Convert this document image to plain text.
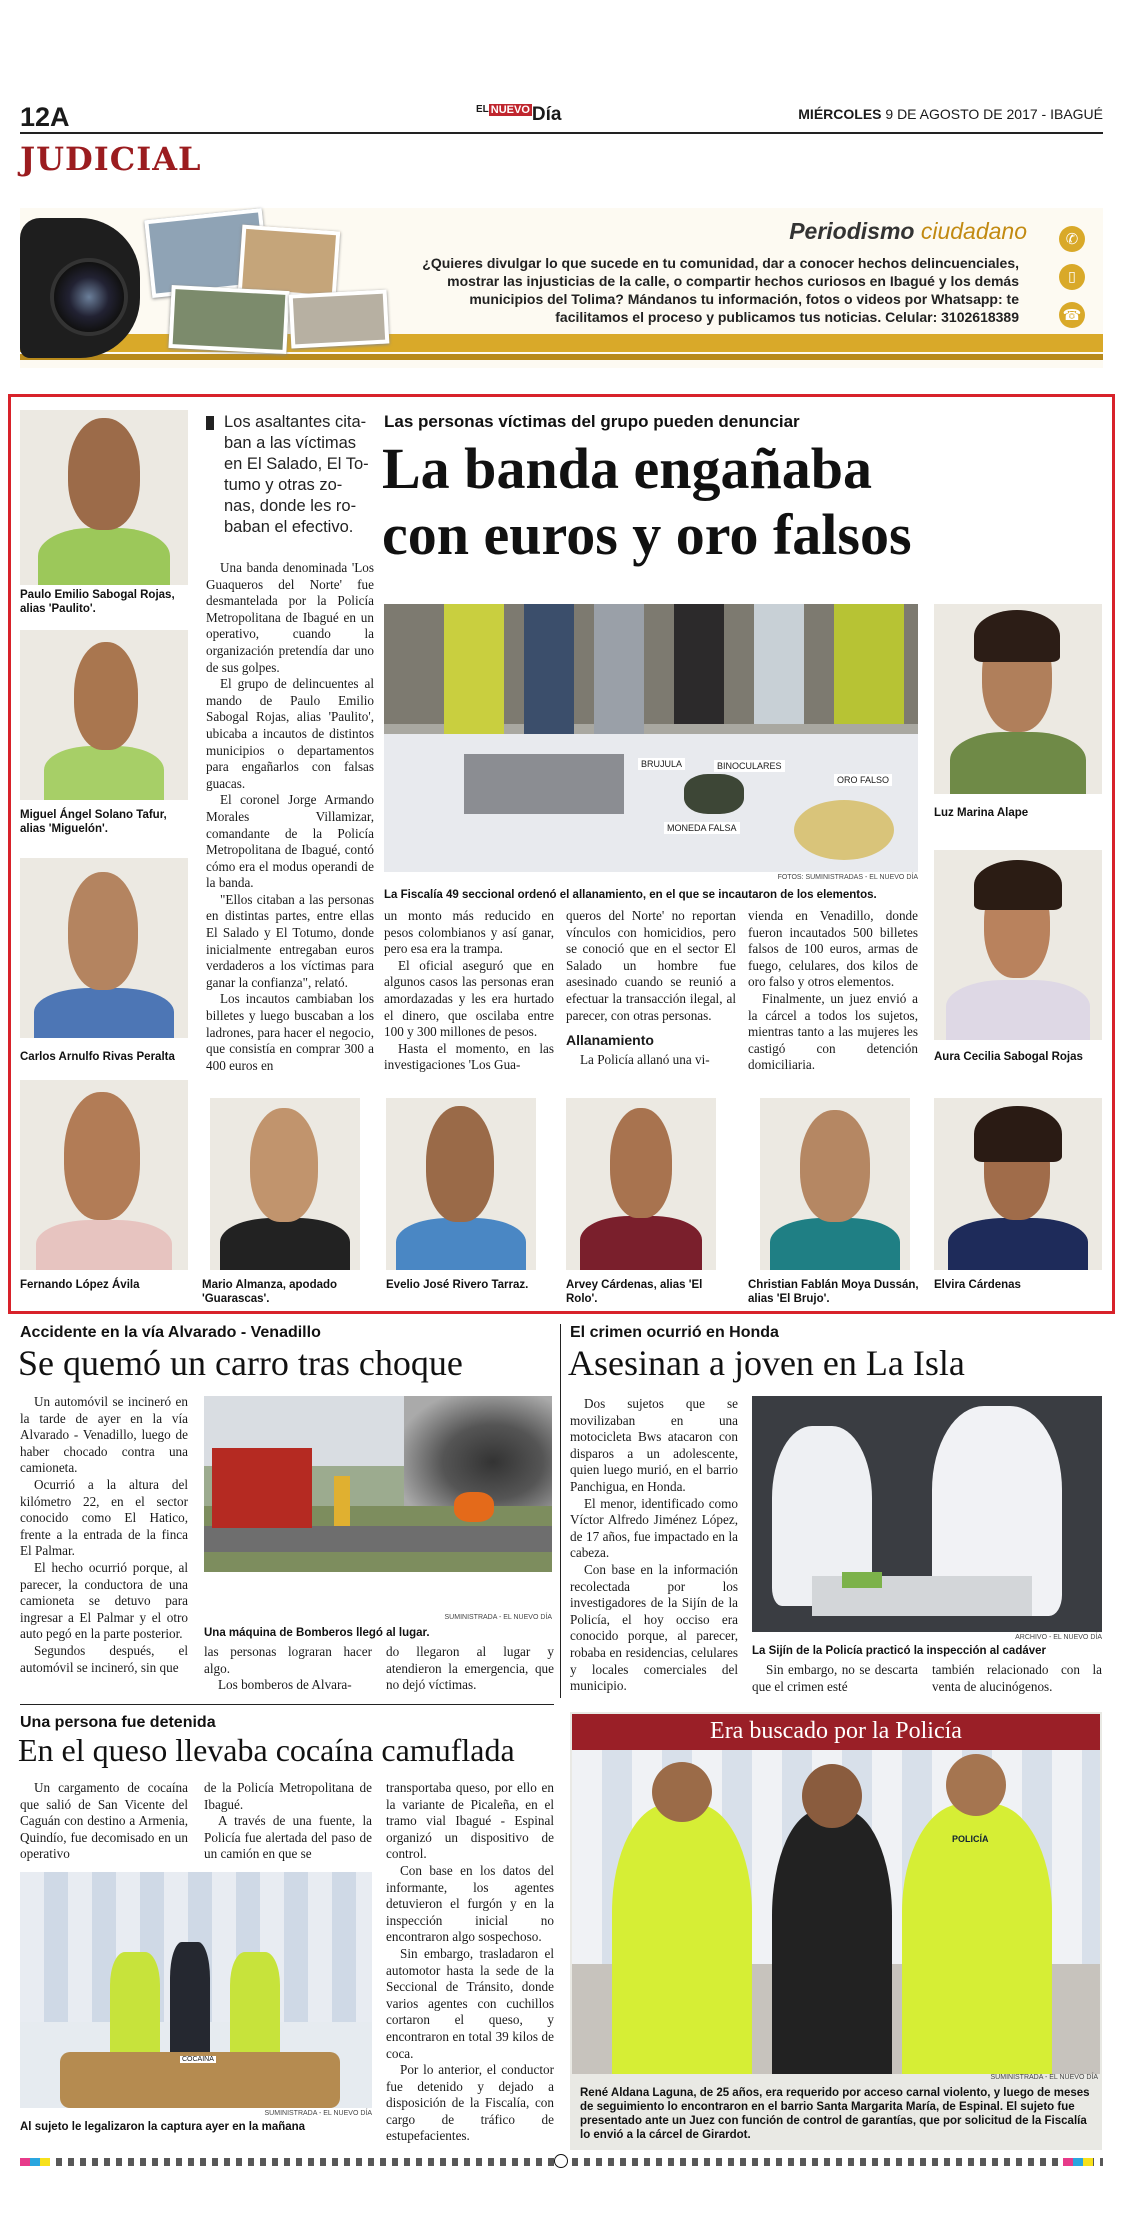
12A	$^{EL}$ $^{NUEVO}$ Día	MIÉRCOLES 9 DE AGOSTO DE 2017 - IBAGUÉ
JUDICIAL
Periodismo ciudadano
¿Quieres divulgar lo que sucede en tu comunidad, dar a conocer hechos delincuenciales,
mostrar las injusticias de la calle, o compartir hechos curiosos en Ibagué y los demás
municipios del Tolima? Mándanos tu información, fotos o videos por Whatsapp: te
facilitamos el proceso y publicamos tus noticias. Celular: 3102618389
✆
▯
☎
Los asaltantes cita-
ban a las víctimas
en El Salado, El To-
tumo y otras zo-
nas, donde les ro-
baban el efectivo.
Las personas víctimas del grupo pueden denunciar
La banda engañaba
con euros y oro falsos

Una banda denominada 'Los Guaqueros del Norte' fue desmantelada por la Policía Metropolitana de Ibagué en un operativo, cuando la organización pretendía dar uno de sus golpes.

El grupo de delincuentes al mando de Paulo Emilio Sabogal Rojas, alias 'Paulito', ubicaba a incautos de distintos municipios o departamentos para engañarlos con falsas guacas.

El coronel Jorge Armando Morales Villamizar, comandante de la Policía Metropolitana de Ibagué, contó cómo era el modus operandi de la banda.

"Ellos citaban a las personas en distintas partes, entre ellas El Salado y El Totumo, donde inicialmente entregaban euros verdaderos a los víctimas para ganar la confianza", relató.

Los incautos cambiaban los billetes y luego buscaban a los ladrones, para hacer el negocio, que consistía en comprar 300 a 400 euros en

BRUJULA	BINOCULARES
MONEDA FALSA
ORO FALSO
FOTOS: SUMINISTRADAS - EL NUEVO DÍA
La Fiscalía 49 seccional ordenó el allanamiento, en el que se incautaron de los elementos.

un monto más reducido en pesos colombianos y así ganar, pero esa era la trampa.

El oficial aseguró que en algunos casos las personas eran amordazadas y les era hurtado el dinero, que oscilaba entre 100 y 300 millones de pesos.

Hasta el momento, en las investigaciones 'Los Gua-

queros del Norte' no reportan vínculos con homicidios, pero se conoció que en el sector El Salado un hombre fue asesinado cuando se reunió a efectuar la transacción ilegal, al parecer, con otras personas.

Allanamiento

La Policía allanó una vi-

vienda en Venadillo, donde fueron incautados 500 billetes falsos de 100 euros, armas de fuego, celulares, dos kilos de oro falso y otros elementos.

Finalmente, un juez envió a la cárcel a todos los sujetos, mientras tanto a las mujeres les castigó con detención domiciliaria.

Paulo Emilio Sabogal Rojas, alias 'Paulito'.
Miguel Ángel Solano Tafur, alias 'Miguelón'.
Carlos Arnulfo Rivas Peralta
Fernando López Ávila	Mario Almanza, apodado 'Guarascas'.
Evelio José Rivero Tarraz.	Arvey Cárdenas, alias 'El Rolo'.
Christian Fablán Moya Dussán, alias 'El Brujo'.
Luz Marina Alape
Aura Cecilia Sabogal Rojas
Elvira Cárdenas
Accidente en la vía Alvarado - Venadillo
Se quemó un carro tras choque

Un automóvil se incineró en la tarde de ayer en la vía Alvarado - Venadillo, luego de haber chocado contra una camioneta.

Ocurrió a la altura del kilómetro 22, en el sector conocido como El Hatico, frente a la entrada de la finca El Palmar.

El hecho ocurrió porque, al parecer, la conductora de una camioneta se detuvo para ingresar a El Palmar y el otro auto pegó en la parte posterior.

Segundos después, el automóvil se incineró, sin que

SUMINISTRADA - EL NUEVO DÍA
Una máquina de Bomberos llegó al lugar.

las personas lograran hacer algo.

Los bomberos de Alvara-

do llegaron al lugar y atendieron la emergencia, que no dejó víctimas.

El crimen ocurrió en Honda
Asesinan a joven en La Isla

Dos sujetos que se movilizaban en una motocicleta Bws atacaron con disparos a un adolescente, quien luego murió, en el barrio Panchigua, en Honda.

El menor, identificado como Víctor Alfredo Jiménez López, de 17 años, fue impactado en la cabeza.

Con base en la información recolectada por los investigadores de la Sijín de la Policía, el hoy occiso era conocido porque, al parecer, robaba en residencias, celulares y locales comerciales del municipio.

ARCHIVO - EL NUEVO DÍA
La Sijín de la Policía practicó la inspección al cadáver

Sin embargo, no se descarta que el crimen esté

también relacionado con la venta de alucinógenos.

Una persona fue detenida
En el queso llevaba cocaína camuflada

Un cargamento de cocaína que salió de San Vicente del Caguán con destino a Armenia, Quindío, fue decomisado en un operativo

de la Policía Metropolitana de Ibagué.

A través de una fuente, la Policía fue alertada del paso de un camión en que se

COCAINA
SUMINISTRADA - EL NUEVO DÍA
Al sujeto le legalizaron la captura ayer en la mañana

transportaba queso, por ello en la variante de Picaleña, en el tramo vial Ibagué - Espinal organizó un dispositivo de control.

Con base en los datos del informante, los agentes detuvieron el furgón y en la inspección inicial no encontraron algo sospechoso.

Sin embargo, trasladaron el automotor hasta la sede de la Seccional de Tránsito, donde varios agentes con cuchillos cortaron el queso, y encontraron en total 39 kilos de coca.

Por lo anterior, el conductor fue detenido y dejado a disposición de la Fiscalía, con cargo de tráfico de estupefacientes.

Era buscado por la Policía
POLICÍA
SUMINISTRADA - EL NUEVO DÍA
René Aldana Laguna, de 25 años, era requerido por acceso carnal violento, y luego de meses de seguimiento lo encontraron en el barrio Santa Margarita María, de Espinal. El sujeto fue presentado ante un Juez con función de control de garantías, que por solicitud de la Fiscalía lo envió a la cárcel de Girardot.
